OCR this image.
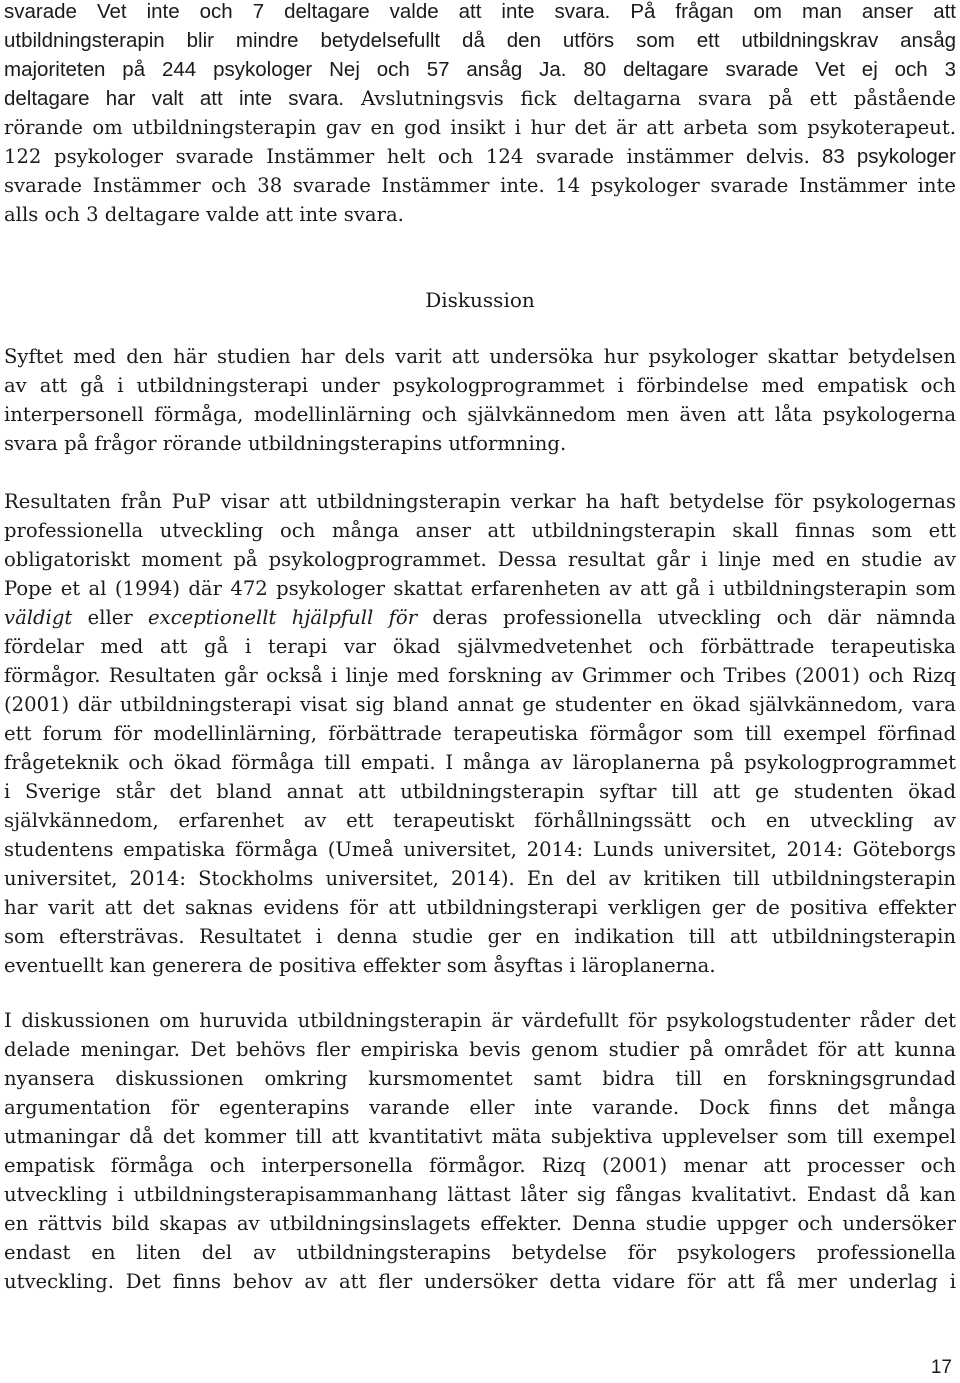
svarade Vet inte och 7 deltagare valde att inte svara. På frågan om man anser att
utbildningsterapin blir mindre betydelsefullt då den utförs som ett utbildningskrav ansåg
majoriteten på 244 psykologer Nej och 57 ansåg Ja. 80 deltagare svarade Vet ej och 3
deltagare har valt att inte svara. Avslutningsvis fick deltagarna svara på ett påstående
rörande om utbildningsterapin gav en god insikt i hur det är att arbeta som psykoterapeut.
122 psykologer svarade Instämmer helt och 124 svarade instämmer delvis. 83 psykologer
svarade Instämmer och 38 svarade Instämmer inte. 14 psykologer svarade Instämmer inte
alls och 3 deltagare valde att inte svara.
Diskussion
Syftet med den här studien har dels varit att undersöka hur psykologer skattar betydelsen
av att gå i utbildningsterapi under psykologprogrammet i förbindelse med empatisk och
interpersonell förmåga, modellinlärning och självkännedom men även att låta psykologerna
svara på frågor rörande utbildningsterapins utformning.
Resultaten från PuP visar att utbildningsterapin verkar ha haft betydelse för psykologernas
professionella utveckling och många anser att utbildningsterapin skall finnas som ett
obligatoriskt moment på psykologprogrammet. Dessa resultat går i linje med en studie av
Pope et al (1994) där 472 psykologer skattat erfarenheten av att gå i utbildningsterapin som
väldigt eller exceptionellt hjälpfull för deras professionella utveckling och där nämnda
fördelar med att gå i terapi var ökad självmedvetenhet och förbättrade terapeutiska
förmågor. Resultaten går också i linje med forskning av Grimmer och Tribes (2001) och Rizq
(2001) där utbildningsterapi visat sig bland annat ge studenter en ökad självkännedom, vara
ett forum för modellinlärning, förbättrade terapeutiska förmågor som till exempel förfinad
frågeteknik och ökad förmåga till empati. I många av läroplanerna på psykologprogrammet
i Sverige står det bland annat att utbildningsterapin syftar till att ge studenten ökad
självkännedom, erfarenhet av ett terapeutiskt förhållningssätt och en utveckling av
studentens empatiska förmåga (Umeå universitet, 2014: Lunds universitet, 2014: Göteborgs
universitet, 2014: Stockholms universitet, 2014). En del av kritiken till utbildningsterapin
har varit att det saknas evidens för att utbildningsterapi verkligen ger de positiva effekter
som eftersträvas. Resultatet i denna studie ger en indikation till att utbildningsterapin
eventuellt kan generera de positiva effekter som åsyftas i läroplanerna.
I diskussionen om huruvida utbildningsterapin är värdefullt för psykologstudenter råder det
delade meningar. Det behövs fler empiriska bevis genom studier på området för att kunna
nyansera diskussionen omkring kursmomentet samt bidra till en forskningsgrundad
argumentation för egenterapins varande eller inte varande. Dock finns det många
utmaningar då det kommer till att kvantitativt mäta subjektiva upplevelser som till exempel
empatisk förmåga och interpersonella förmågor. Rizq (2001) menar att processer och
utveckling i utbildningsterapisammanhang lättast låter sig fångas kvalitativt. Endast då kan
en rättvis bild skapas av utbildningsinslagets effekter. Denna studie uppger och undersöker
endast en liten del av utbildningsterapins betydelse för psykologers professionella
utveckling. Det finns behov av att fler undersöker detta vidare för att få mer underlag i
17
